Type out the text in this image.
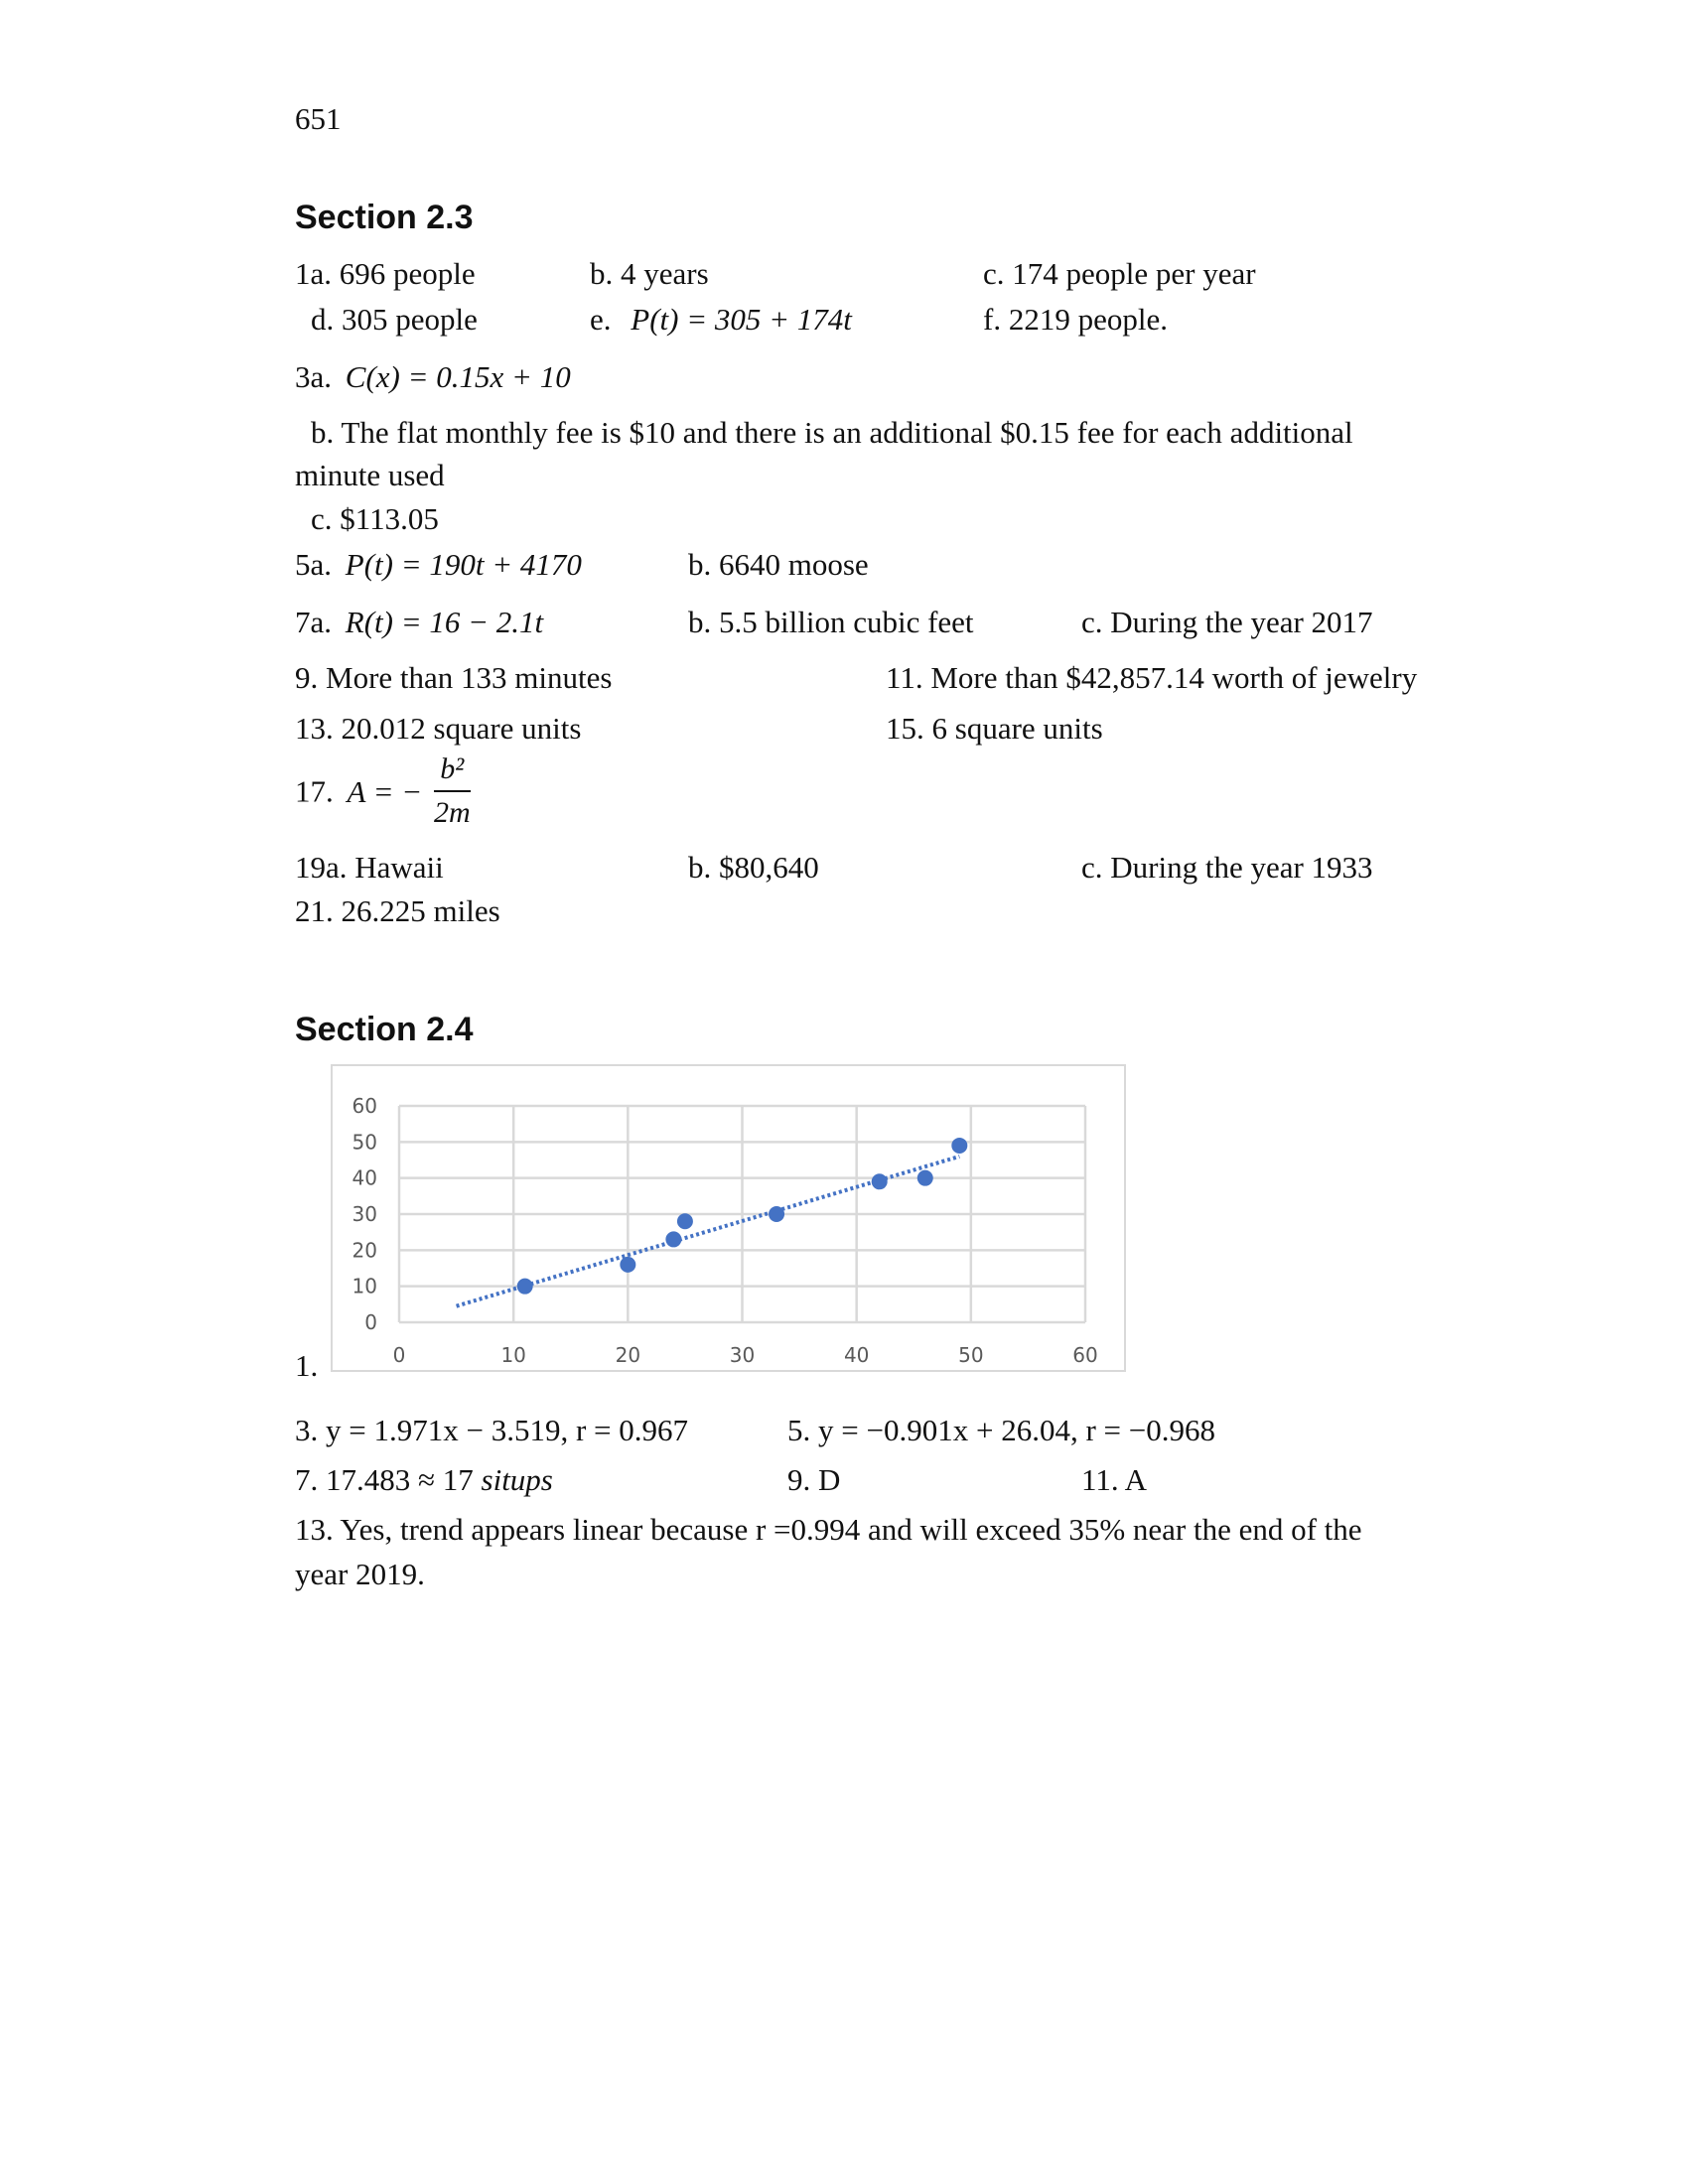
651
Section 2.3
1a. 696 people	b. 4 years	c. 174 people per year
d. 305 people	e. P(t) = 305 + 174t	f. 2219 people.
3a. C(x) = 0.15x + 10
b. The flat monthly fee is $10 and there is an additional $0.15 fee for each additional
minute used
c. $113.05
5a. P(t) = 190t + 4170	b. 6640 moose
7a. R(t) = 16 − 2.1t	b. 5.5 billion cubic feet	c. During the year 2017
9. More than 133 minutes	11. More than $42,857.14 worth of jewelry
13. 20.012 square units	15. 6 square units
17. A = − $\frac{\text{b²}}{2m}$
19a. Hawaii	b. $80,640	c. During the year 1933
21. 26.225 miles
Section 2.4
1.
0
10
20
30
40
50
60
0	10	20	30	40	50	60
3. y = 1.971x − 3.519, r = 0.967	5. y = −0.901x + 26.04, r = −0.968
7. 17.483 ≈ 17 situps	9. D	11. A
13. Yes, trend appears linear because r =0.994 and will exceed 35% near the end of the
year 2019.
